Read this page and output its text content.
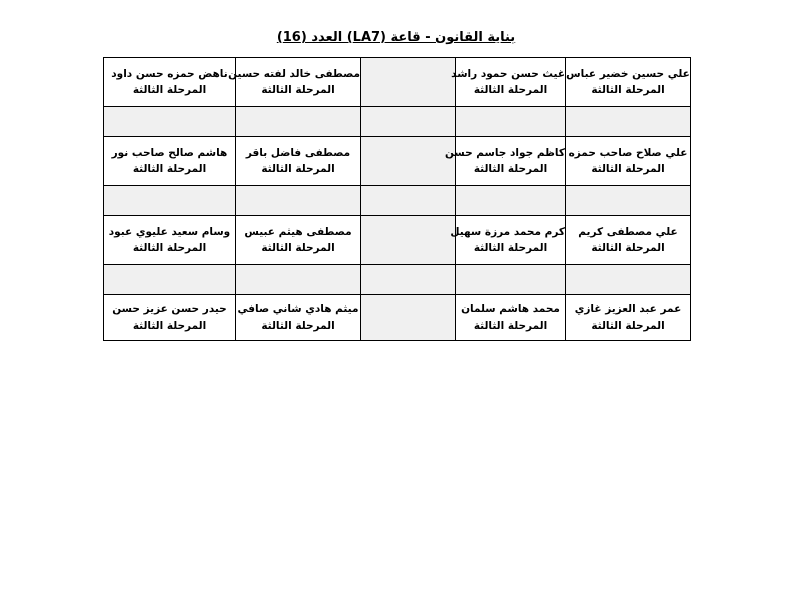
بناية القانون - قاعة (LA7) العدد (16)
علي حسين خضير عباس
المرحلة الثالثة	غيث حسن حمود راشد
المرحلة الثالثة		مصطفى خالد لفته حسين
المرحلة الثالثة	ناهض حمزه حسن داود
المرحلة الثالثة

علي صلاح صاحب حمزه
المرحلة الثالثة	كاظم جواد جاسم حسن
المرحلة الثالثة		مصطفى فاضل باقر
المرحلة الثالثة	هاشم صالح صاحب نور
المرحلة الثالثة

علي مصطفى كريم
المرحلة الثالثة	كرم محمد مرزة سهيل
المرحلة الثالثة		مصطفى هيثم عبيس
المرحلة الثالثة	وسام سعيد عليوي عبود
المرحلة الثالثة

عمر عبد العزيز غازي
المرحلة الثالثة	محمد هاشم سلمان
المرحلة الثالثة		ميثم هادي شاني صافي
المرحلة الثالثة	حيدر حسن عزيز حسن
المرحلة الثالثة
